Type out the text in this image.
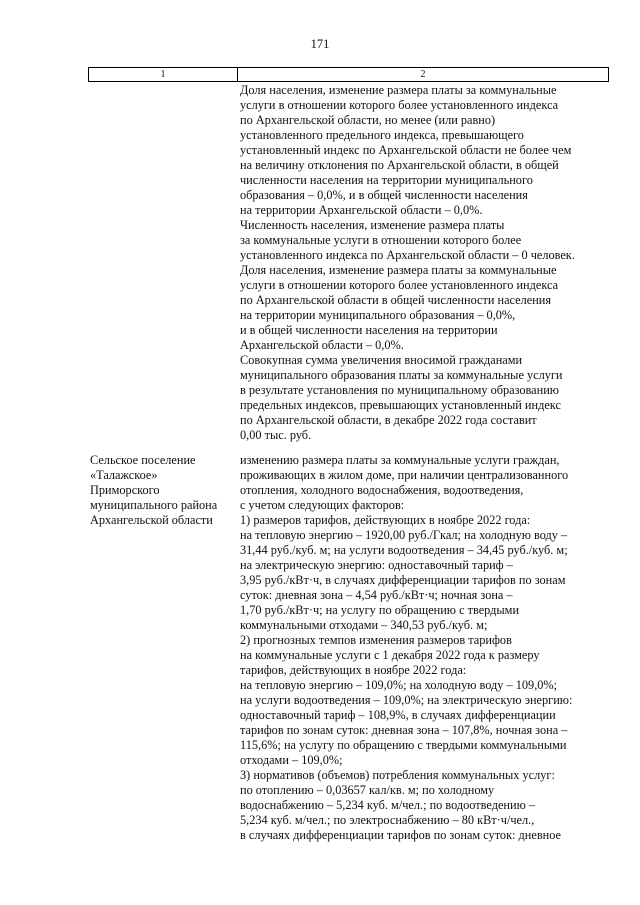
171
1	2
Доля населения, изменение размера платы за коммунальные
услуги в отношении которого более установленного индекса
по Архангельской области, но менее (или равно)
установленного предельного индекса, превышающего
установленный индекс по Архангельской области не более чем
на величину отклонения по Архангельской области, в общей
численности населения на территории муниципального
образования – 0,0%, и в общей численности населения
на территории Архангельской области – 0,0%.
Численность населения, изменение размера платы
за коммунальные услуги в отношении которого более
установленного индекса по Архангельской области – 0 человек.
Доля населения, изменение размера платы за коммунальные
услуги в отношении которого более установленного индекса
по Архангельской области в общей численности населения
на территории муниципального образования – 0,0%,
и в общей численности населения на территории
Архангельской области – 0,0%.
Совокупная сумма увеличения вносимой гражданами
муниципального образования платы за коммунальные услуги
в результате установления по муниципальному образованию
предельных индексов, превышающих установленный индекс
по Архангельской области, в декабре 2022 года составит
0,00 тыс. руб.
Сельское поселение
«Талажское»
Приморского
муниципального района
Архангельской области
изменению размера платы за коммунальные услуги граждан,
проживающих в жилом доме, при наличии централизованного
отопления, холодного водоснабжения, водоотведения,
с учетом следующих факторов:
1) размеров тарифов, действующих в ноябре 2022 года:
на тепловую энергию – 1920,00 руб./Гкал; на холодную воду –
31,44 руб./куб. м; на услуги водоотведения – 34,45 руб./куб. м;
на электрическую энергию: одноставочный тариф –
3,95 руб./кВт·ч, в случаях дифференциации тарифов по зонам
суток: дневная зона – 4,54 руб./кВт·ч; ночная зона –
1,70 руб./кВт·ч; на услугу по обращению с твердыми
коммунальными отходами – 340,53 руб./куб. м;
2) прогнозных темпов изменения размеров тарифов
на коммунальные услуги с 1 декабря 2022 года к размеру
тарифов, действующих в ноябре 2022 года:
на тепловую энергию – 109,0%; на холодную воду – 109,0%;
на услуги водоотведения – 109,0%; на электрическую энергию:
одноставочный тариф – 108,9%, в случаях дифференциации
тарифов по зонам суток: дневная зона – 107,8%, ночная зона –
115,6%; на услугу по обращению с твердыми коммунальными
отходами – 109,0%;
3) нормативов (объемов) потребления коммунальных услуг:
по отоплению – 0,03657 кал/кв. м; по холодному
водоснабжению – 5,234 куб. м/чел.; по водоотведению –
5,234 куб. м/чел.; по электроснабжению – 80 кВт·ч/чел.,
в случаях дифференциации тарифов по зонам суток: дневное
